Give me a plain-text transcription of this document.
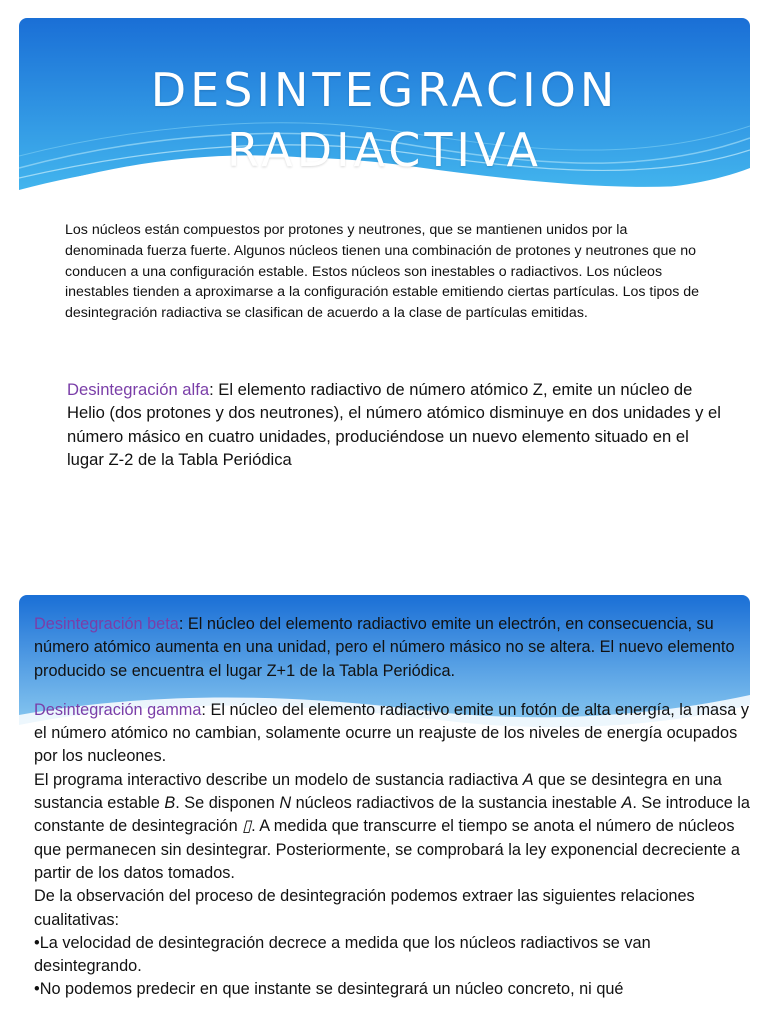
DESINTEGRACION
RADIACTIVA

Los núcleos están compuestos por protones y neutrones, que se mantienen unidos por la denominada fuerza fuerte. Algunos núcleos tienen una combinación de protones y neutrones que no conducen a una configuración estable. Estos núcleos son inestables o radiactivos. Los núcleos inestables tienden a aproximarse a la configuración estable emitiendo ciertas partículas. Los tipos de desintegración radiactiva se clasifican de acuerdo a la clase de partículas emitidas.

Desintegración alfa: El elemento radiactivo de número atómico Z, emite un núcleo de Helio (dos protones y dos neutrones), el número atómico disminuye en dos unidades y el número másico en cuatro unidades, produciéndose un nuevo elemento situado en el lugar Z-2 de la Tabla Periódica

Desintegración beta: El núcleo del elemento radiactivo emite un electrón, en consecuencia, su número atómico aumenta en una unidad, pero el número másico no se altera. El nuevo elemento producido se encuentra el lugar Z+1 de la Tabla Periódica.

Desintegración gamma: El núcleo del elemento radiactivo emite un fotón de alta energía, la masa y el número atómico no cambian, solamente ocurre un reajuste de los niveles de energía ocupados por los nucleones.

El programa interactivo describe un modelo de sustancia radiactiva A que se desintegra en una sustancia estable B. Se disponen N núcleos radiactivos de la sustancia inestable A. Se introduce la constante de desintegración ▯. A medida que transcurre el tiempo se anota el número de núcleos que permanecen sin desintegrar. Posteriormente, se comprobará la ley exponencial decreciente a partir de los datos tomados.

De la observación del proceso de desintegración podemos extraer las siguientes relaciones cualitativas:

•La velocidad de desintegración decrece a medida que los núcleos radiactivos se van desintegrando.

•No podemos predecir en que instante se desintegrará un núcleo concreto, ni qué
